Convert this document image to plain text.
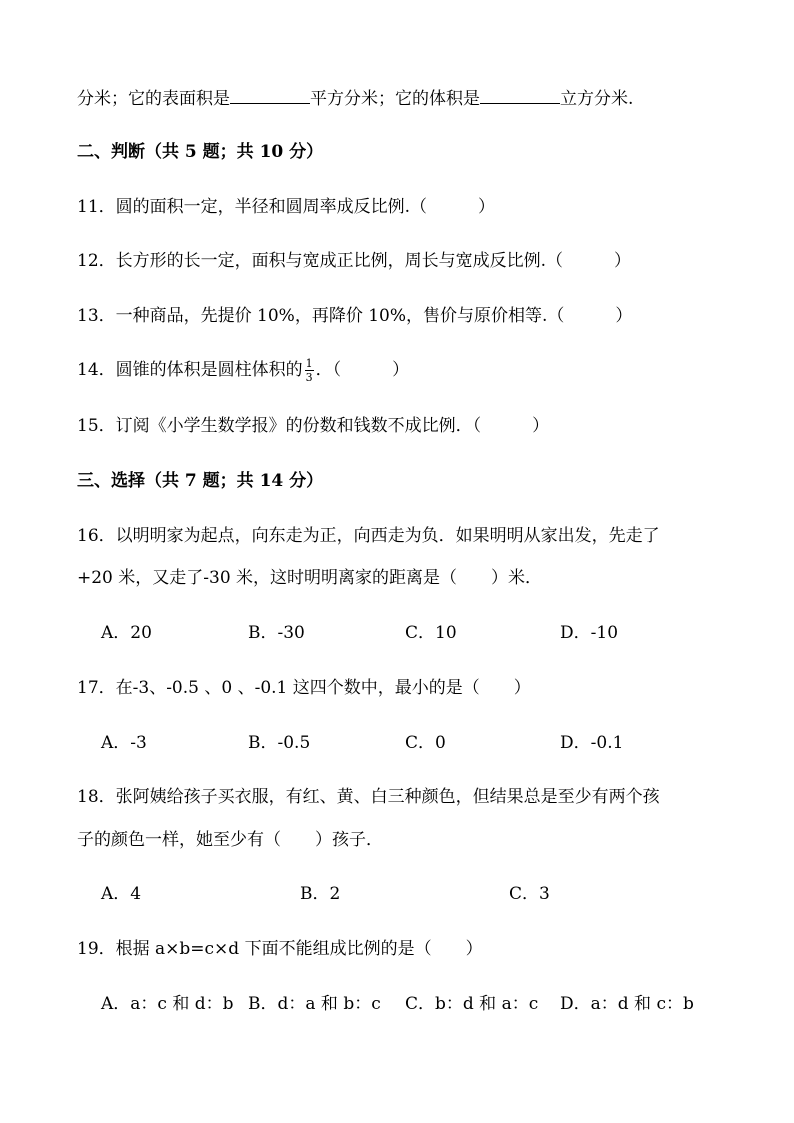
分米；它的表面积是	平方分米；它的体积是	立方分米.
二、判断（共 5 题；共 10 分）
11．圆的面积一定，半径和圆周率成反比例.（　　　）
12．长方形的长一定，面积与宽成正比例，周长与宽成反比例.（　　　）
13．一种商品，先提价 10%，再降价 10%，售价与原价相等.（　　　）
14．圆锥的体积是圆柱体积的 $\frac{1}{3}$ ．（　　　）
15．订阅《小学生数学报》的份数和钱数不成比例．（　　　）
三、选择（共 7 题；共 14 分）
16．以明明家为起点，向东走为正，向西走为负．如果明明从家出发，先走了
+20 米，又走了-30 米，这时明明离家的距离是（　　）米．
A．20	B．-30	C．10	D．-10
17．在-3、-0.5 、0 、-0.1 这四个数中，最小的是（　　）
A．-3	B．-0.5	C．0	D．-0.1
18．张阿姨给孩子买衣服，有红、黄、白三种颜色，但结果总是至少有两个孩
子的颜色一样，她至少有（　　）孩子．
A．4	B．2	C．3
19．根据 a×b=c×d 下面不能组成比例的是（　　）
A．a：c 和 d：b B．d：a 和 b：c C．b：d 和 a：c D．a：d 和 c：b
